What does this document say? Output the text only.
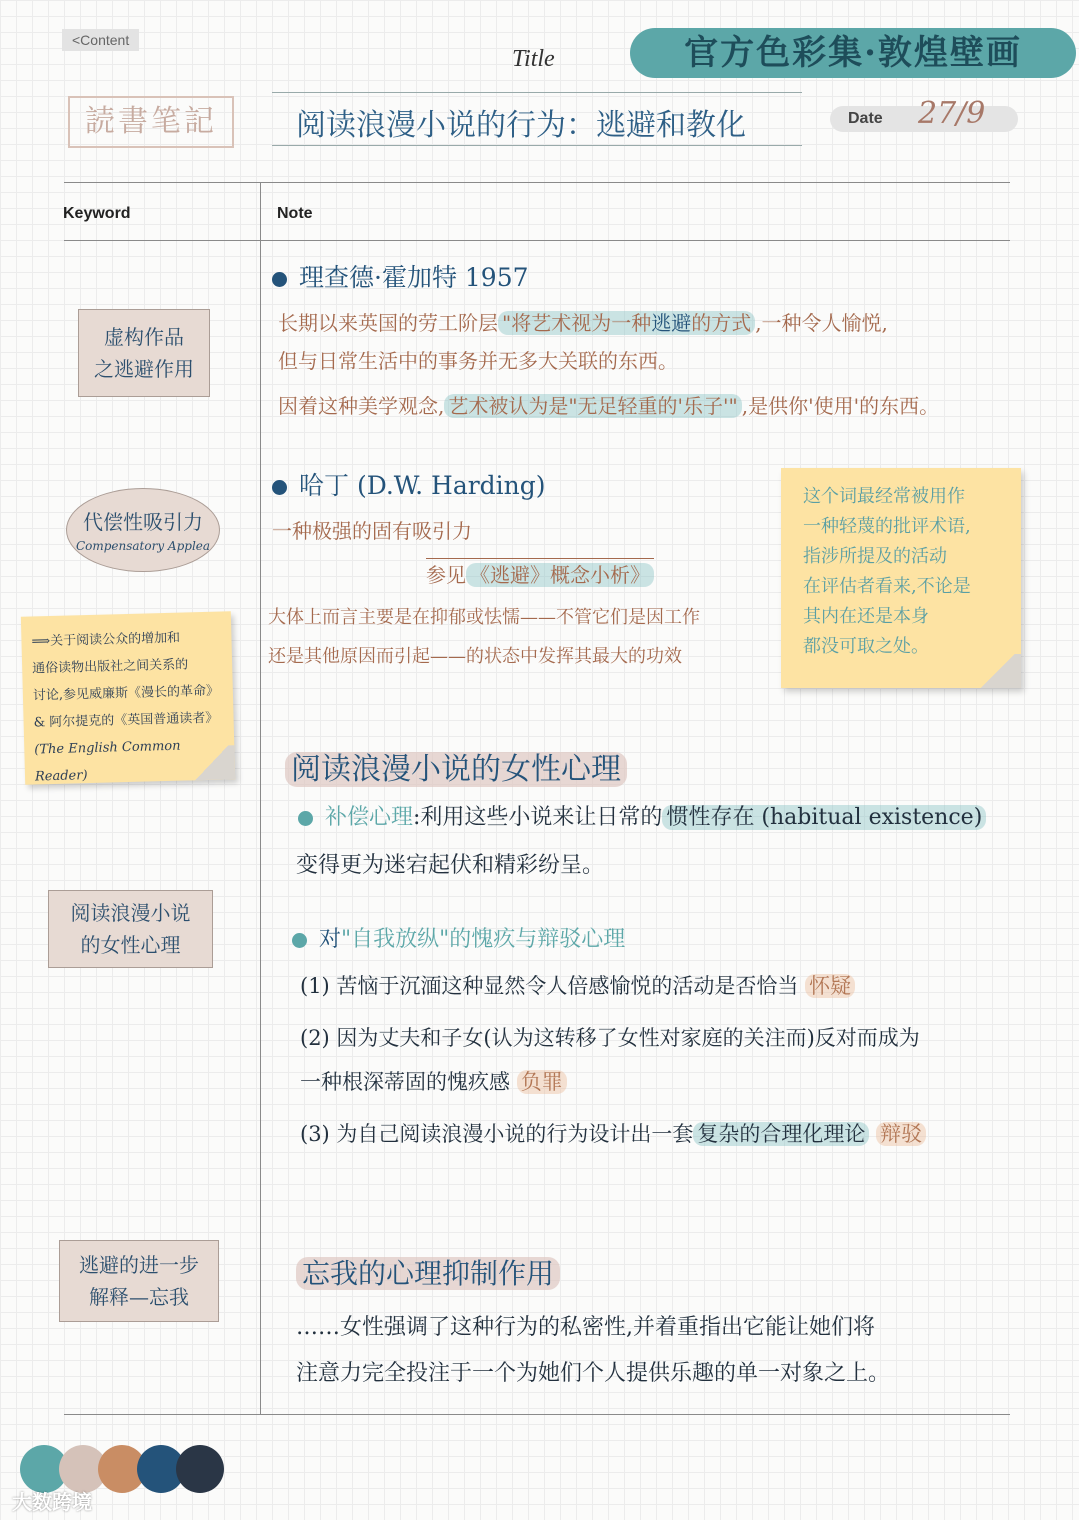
<Content
Title	官方色彩集·敦煌壁画
読書笔記	阅读浪漫小说的行为：逃避和教化	Date	27/9
Keyword	Note
虚构作品
之逃避作用
代偿性吸引力
Compensatory Applea
阅读浪漫小说
的女性心理
逃避的进一步
解释—忘我
⟹关于阅读公众的增加和
通俗读物出版社之间关系的
讨论,参见威廉斯《漫长的革命》
& 阿尔提克的《英国普通读者》
(The English Common Reader)
这个词最经常被用作
一种轻蔑的批评术语,
指涉所提及的活动
在评估者看来,不论是
其内在还是本身
都没可取之处。
理查德·霍加特 1957
长期以来英国的劳工阶层 "将艺术视为一种逃避的方式 ,一种令人愉悦,
但与日常生活中的事务并无多大关联的东西。
因着这种美学观念, 艺术被认为是"无足轻重的'乐子'" ,是供你'使用'的东西。
哈丁 (D.W. Harding)
一种极强的固有吸引力
参见 《逃避》概念小析》
大体上而言主要是在抑郁或怯懦——不管它们是因工作
还是其他原因而引起——的状态中发挥其最大的功效
阅读浪漫小说的女性心理
补偿心理:利用这些小说来让日常的 惯性存在 (habitual existence)
变得更为迷宕起伏和精彩纷呈。
对"自我放纵"的愧疚与辩驳心理
(1) 苦恼于沉湎这种显然令人倍感愉悦的活动是否恰当 怀疑
(2) 因为丈夫和子女(认为这转移了女性对家庭的关注而)反对而成为
一种根深蒂固的愧疚感 负罪
(3) 为自己阅读浪漫小说的行为设计出一套 复杂的合理化理论 辩驳
忘我的心理抑制作用
……女性强调了这种行为的私密性,并着重指出它能让她们将
注意力完全投注于一个为她们个人提供乐趣的单一对象之上。
大数跨境
